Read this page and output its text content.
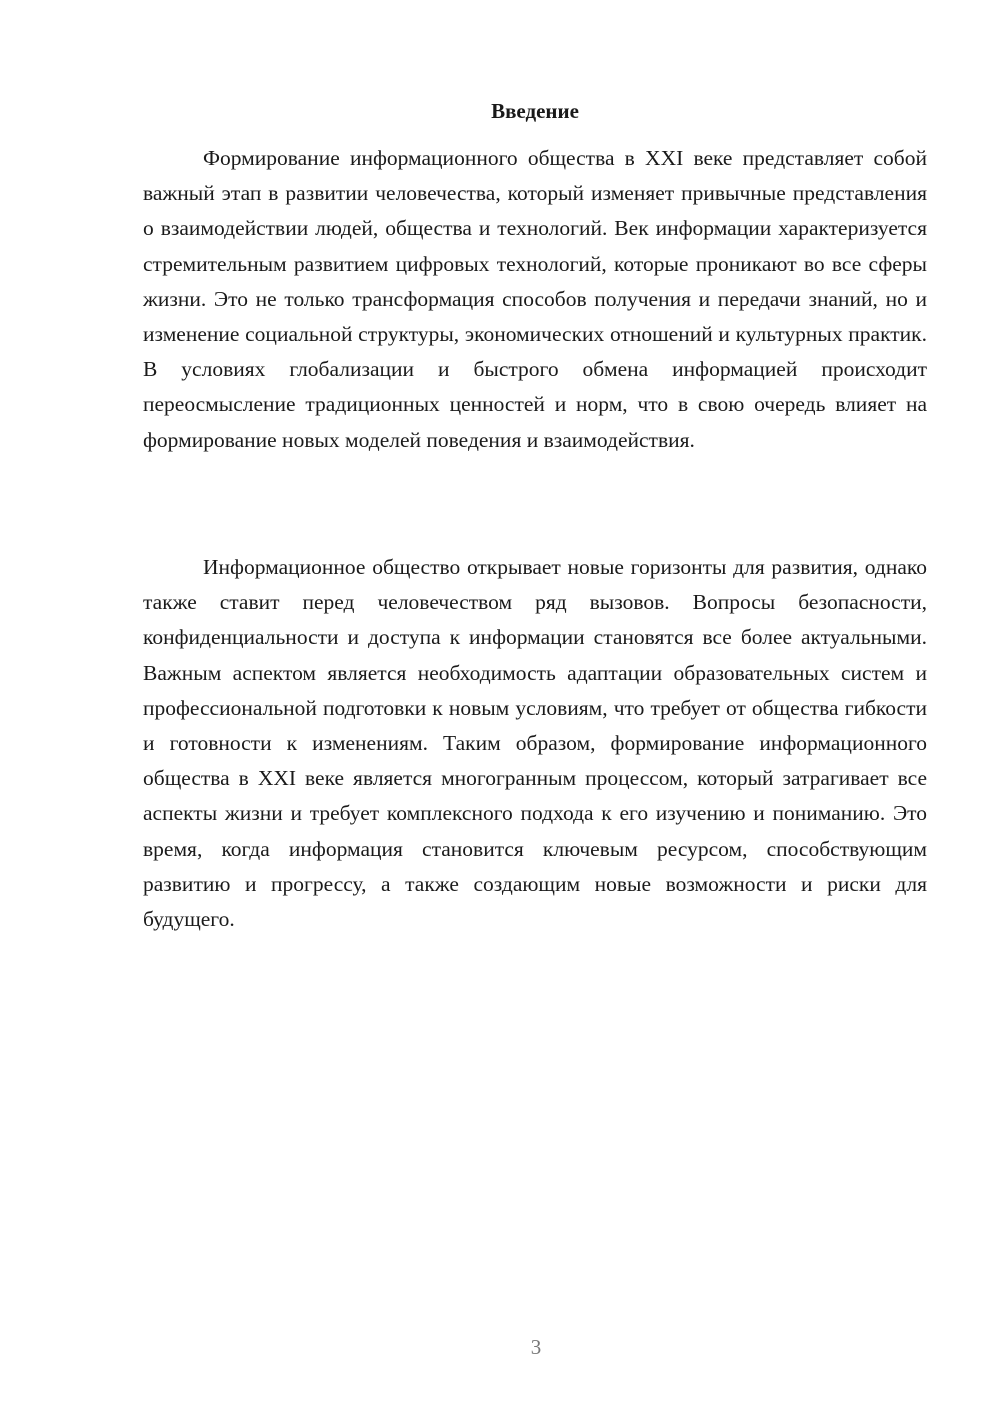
Введение

Формирование информационного общества в XXI веке представляет собой важный этап в развитии человечества, который изменяет привычные представления о взаимодействии людей, общества и технологий. Век информации характеризуется стремительным развитием цифровых технологий, которые проникают во все сферы жизни. Это не только трансформация способов получения и передачи знаний, но и изменение социальной структуры, экономических отношений и культурных практик. В условиях глобализации и быстрого обмена информацией происходит переосмысление традиционных ценностей и норм, что в свою очередь влияет на формирование новых моделей поведения и взаимодействия.

Информационное общество открывает новые горизонты для развития, однако также ставит перед человечеством ряд вызовов. Вопросы безопасности, конфиденциальности и доступа к информации становятся все более актуальными. Важным аспектом является необходимость адаптации образовательных систем и профессиональной подготовки к новым условиям, что требует от общества гибкости и готовности к изменениям. Таким образом, формирование информационного общества в XXI веке является многогранным процессом, который затрагивает все аспекты жизни и требует комплексного подхода к его изучению и пониманию. Это время, когда информация становится ключевым ресурсом, способствующим развитию и прогрессу, а также создающим новые возможности и риски для будущего.

3
